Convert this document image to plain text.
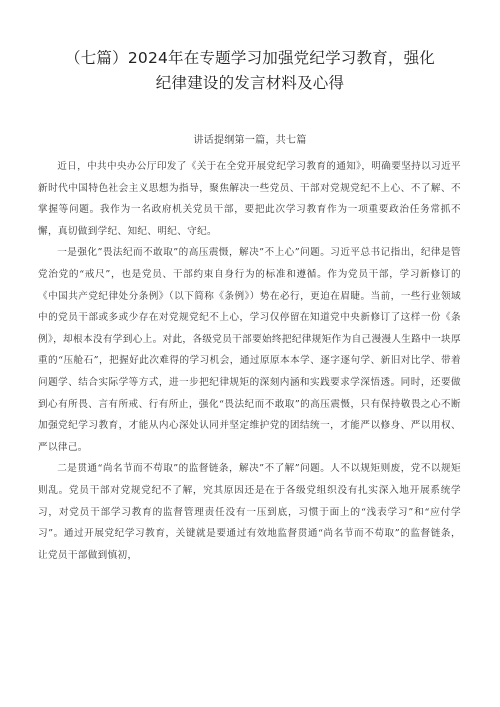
（七篇）2024年在专题学习加强党纪学习教育，强化
纪律建设的发言材料及心得
讲话提纲第一篇，共七篇

近日，中共中央办公厅印发了《关于在全党开展党纪学习教育的通知》，明确要坚持以习近平新时代中国特色社会主义思想为指导，聚焦解决一些党员、干部对党规党纪不上心、不了解、不掌握等问题。我作为一名政府机关党员干部，要把此次学习教育作为一项重要政治任务常抓不懈，真切做到学纪、知纪、明纪、守纪。

一是强化”畏法纪而不敢取”的高压震慑，解决”不上心”问题。习近平总书记指出，纪律是管党治党的“戒尺”，也是党员、干部约束自身行为的标准和遵循。作为党员干部，学习新修订的《中国共产党纪律处分条例》（以下简称《条例》）势在必行，更迫在眉睫。当前，一些行业领域中的党员干部或多或少存在对党规党纪不上心，学习仅停留在知道党中央新修订了这样一份《条例》，却根本没有学到心上。对此，各级党员干部要始终把纪律规矩作为自己漫漫人生路中一块厚重的“压舱石”，把握好此次难得的学习机会，通过原原本本学、逐字逐句学、新旧对比学、带着问题学、结合实际学等方式，进一步把纪律规矩的深刻内涵和实践要求学深悟透。同时，还要做到心有所畏、言有所戒、行有所止，强化“畏法纪而不敢取”的高压震慑，只有保持敬畏之心不断加强党纪学习教育，才能从内心深处认同并坚定维护党的团结统一，才能严以修身、严以用权、严以律己。

二是贯通“尚名节而不苟取”的监督链条，解决”不了解”问题。人不以规矩则废，党不以规矩则乱。党员干部对党规党纪不了解，究其原因还是在于各级党组织没有扎实深入地开展系统学习，对党员干部学习教育的监督管理责任没有一压到底，习惯于面上的“浅表学习”和“应付学习”。通过开展党纪学习教育，关键就是要通过有效地监督贯通“尚名节而不苟取”的监督链条，让党员干部做到慎初，
